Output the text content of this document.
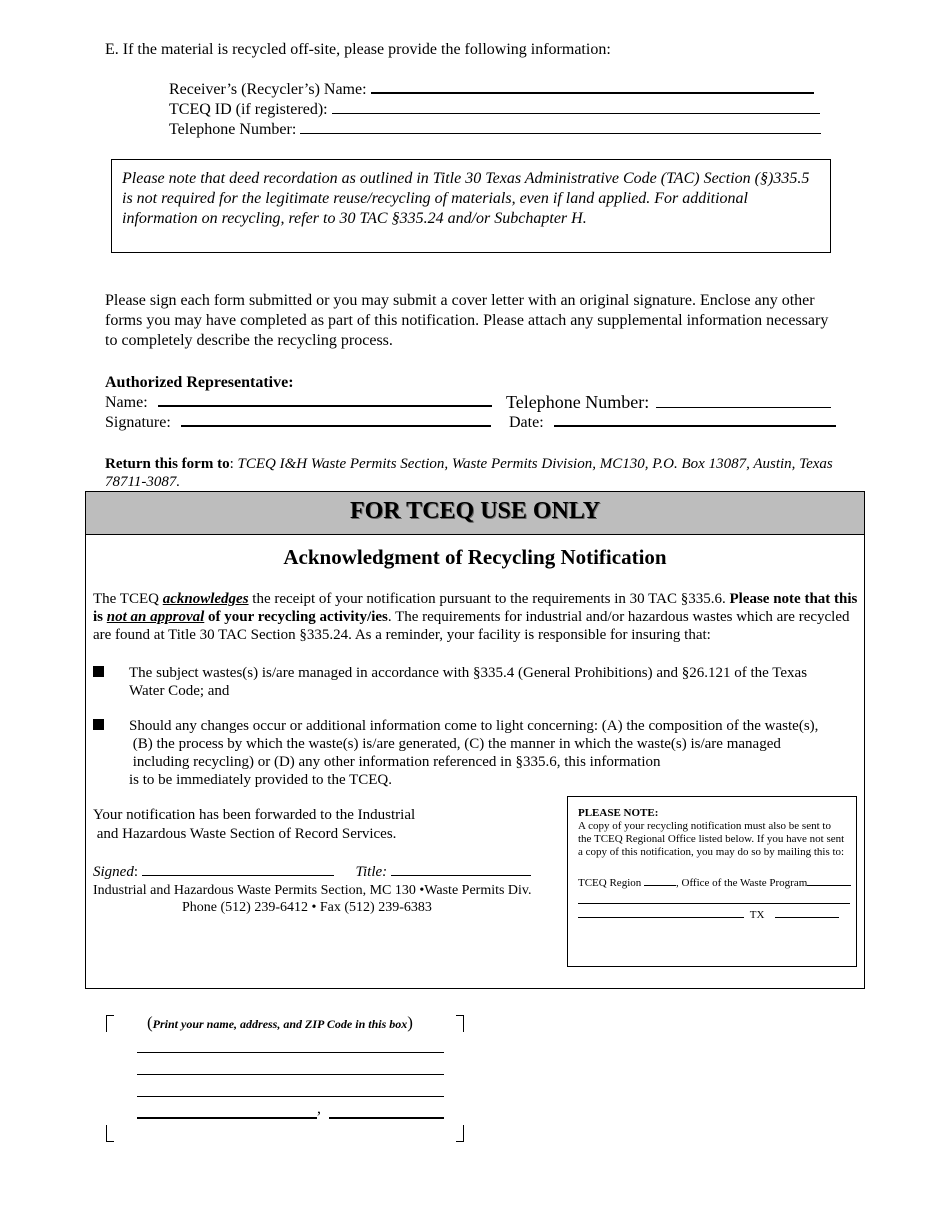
E. If the material is recycled off-site, please provide the following information:
Receiver’s (Recycler’s) Name:
TCEQ ID (if registered):
Telephone Number:
Please note that deed recordation as outlined in Title 30 Texas Administrative Code (TAC) Section (§)335.5 is not required for the legitimate reuse/recycling of materials, even if land applied. For additional information on recycling, refer to 30 TAC §335.24 and/or Subchapter H.
Please sign each form submitted or you may submit a cover letter with an original signature. Enclose any other forms you may have completed as part of this notification. Please attach any supplemental information necessary to completely describe the recycling process.
Authorized Representative:
Name:	Telephone Number:
Signature:	Date:
Return this form to: TCEQ I&H Waste Permits Section, Waste Permits Division, MC130, P.O. Box 13087, Austin, Texas 78711-3087.
FOR TCEQ USE ONLY
Acknowledgment of Recycling Notification
The TCEQ acknowledges the receipt of your notification pursuant to the requirements in 30 TAC §335.6. Please note that this is not an approval of your recycling activity/ies. The requirements for industrial and/or hazardous wastes which are recycled are found at Title 30 TAC Section §335.24. As a reminder, your facility is responsible for insuring that:
The subject wastes(s) is/are managed in accordance with §335.4 (General Prohibitions) and §26.121 of the Texas Water Code; and
Should any changes occur or additional information come to light concerning: (A) the composition of the waste(s),
(B) the process by which the waste(s) is/are generated, (C) the manner in which the waste(s) is/are managed
including recycling) or (D) any other information referenced in §335.6, this information
is to be immediately provided to the TCEQ.
Your notification has been forwarded to the Industrial
and Hazardous Waste Section of Record Services.
Signed:	Title:
Industrial and Hazardous Waste Permits Section, MC 130 •Waste Permits Div.
Phone (512) 239-6412 • Fax (512) 239-6383
PLEASE NOTE:
A copy of your recycling notification must also be sent to the TCEQ Regional Office listed below. If you have not sent a copy of this notification, you may do so by mailing this to:
TCEQ Region	, Office of the Waste Program
TX
(Print your name, address, and ZIP Code in this box)
,
